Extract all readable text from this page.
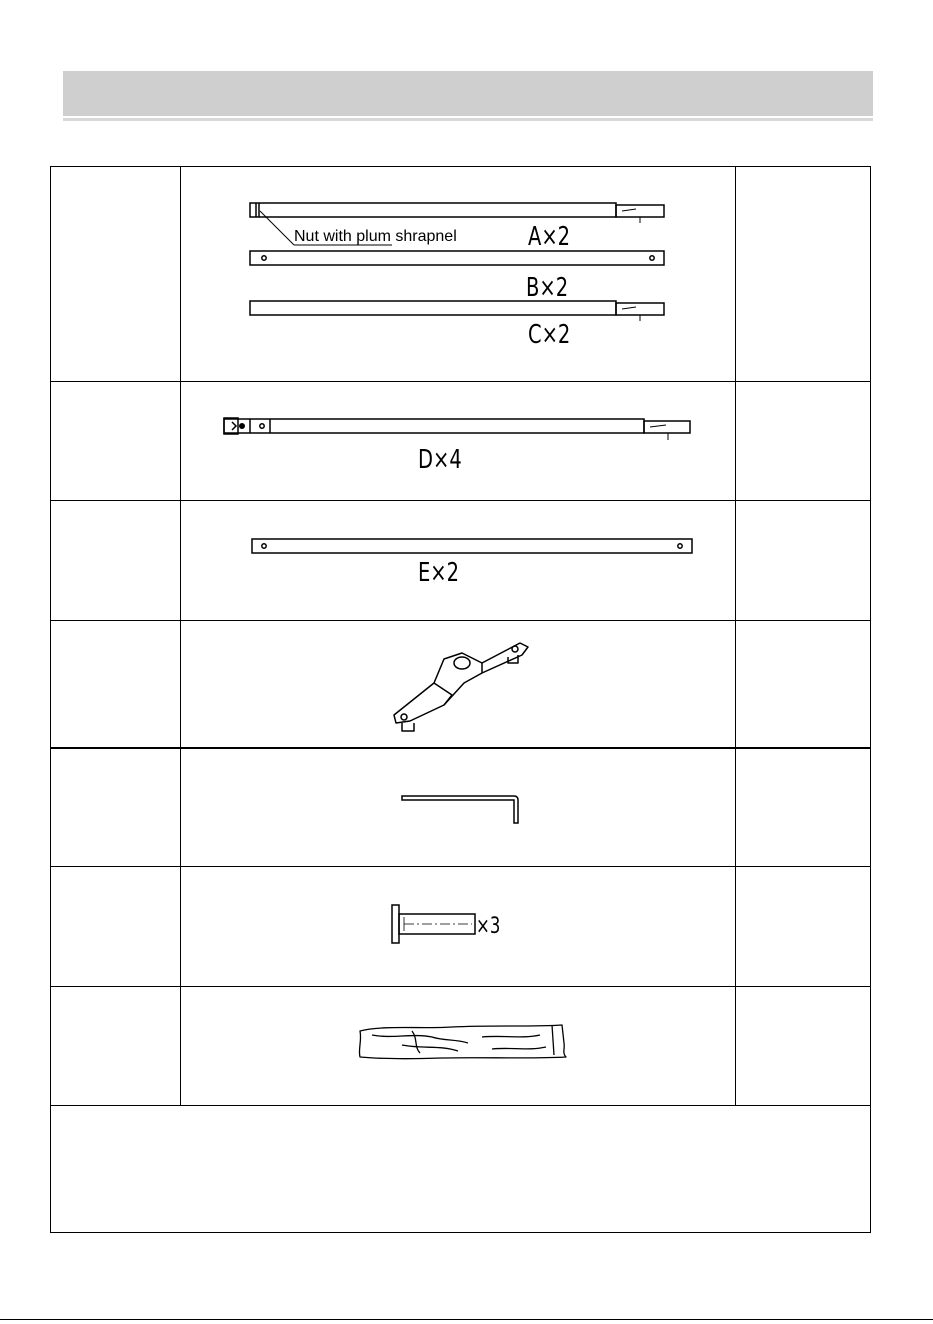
Nut with plum shrapnel	A×2
B×2
C×2
D×4
E×2
×3
